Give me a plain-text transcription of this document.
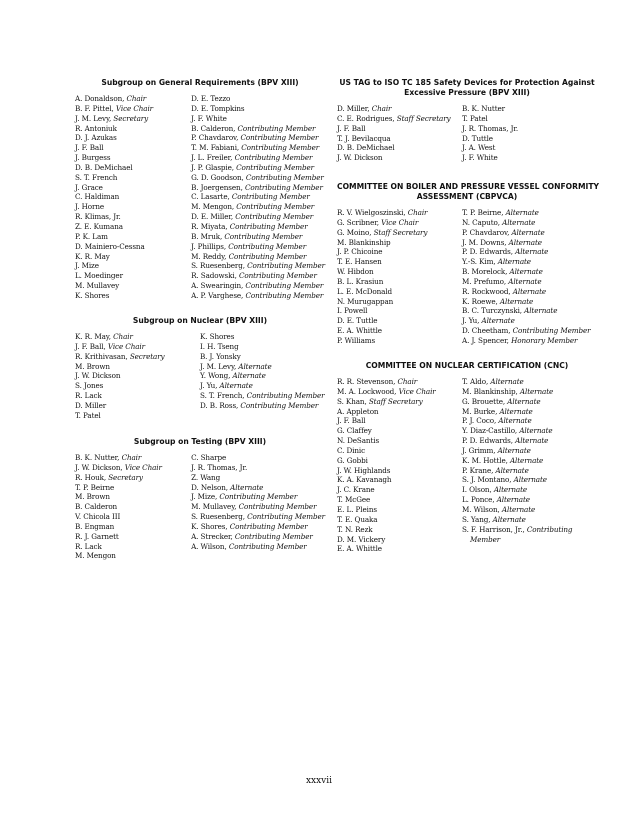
Subgroup on General Requirements (BPV XIII)
A. Donaldson, Chair
B. F. Pittel, Vice Chair
J. M. Levy, Secretary
R. Antoniuk
D. J. Azukas
J. F. Ball
J. Burgess
D. B. DeMichael
S. T. French
J. Grace
C. Haldiman
J. Horne
R. Klimas, Jr.
Z. E. Kumana
P. K. Lam
D. Mainiero-Cessna
K. R. May
J. Mize
L. Moedinger
M. Mullavey
K. Shores
D. E. Tezzo
D. E. Tompkins
J. F. White
B. Calderon, Contributing Member
P. Chavdarov, Contributing Member
T. M. Fabiani, Contributing Member
J. L. Freiler, Contributing Member
J. P. Glaspie, Contributing Member
G. D. Goodson, Contributing Member
B. Joergensen, Contributing Member
C. Lasarte, Contributing Member
M. Mengon, Contributing Member
D. E. Miller, Contributing Member
R. Miyata, Contributing Member
B. Mruk, Contributing Member
J. Phillips, Contributing Member
M. Reddy, Contributing Member
S. Ruesenberg, Contributing Member
R. Sadowski, Contributing Member
A. Swearingin, Contributing Member
A. P. Varghese, Contributing Member
Subgroup on Nuclear (BPV XIII)
K. R. May, Chair
J. F. Ball, Vice Chair
R. Krithivasan, Secretary
M. Brown
J. W. Dickson
S. Jones
R. Lack
D. Miller
T. Patel
K. Shores
I. H. Tseng
B. J. Yonsky
J. M. Levy, Alternate
Y. Wong, Alternate
J. Yu, Alternate
S. T. French, Contributing Member
D. B. Ross, Contributing Member
Subgroup on Testing (BPV XIII)
B. K. Nutter, Chair
J. W. Dickson, Vice Chair
R. Houk, Secretary
T. P. Beirne
M. Brown
B. Calderon
V. Chicola III
B. Engman
R. J. Garnett
R. Lack
M. Mengon
C. Sharpe
J. R. Thomas, Jr.
Z. Wang
D. Nelson, Alternate
J. Mize, Contributing Member
M. Mullavey, Contributing Member
S. Ruesenberg, Contributing Member
K. Shores, Contributing Member
A. Strecker, Contributing Member
A. Wilson, Contributing Member
US TAG to ISO TC 185 Safety Devices for Protection Against
Excessive Pressure (BPV XIII)
D. Miller, Chair
C. E. Rodrigues, Staff Secretary
J. F. Ball
T. J. Bevilacqua
D. B. DeMichael
J. W. Dickson
B. K. Nutter
T. Patel
J. R. Thomas, Jr.
D. Tuttle
J. A. West
J. F. White
COMMITTEE ON BOILER AND PRESSURE VESSEL CONFORMITY
ASSESSMENT (CBPVCA)
R. V. Wielgoszinski, Chair
G. Scribner, Vice Chair
G. Moino, Staff Secretary
M. Blankinship
J. P. Chicoine
T. E. Hansen
W. Hibdon
B. L. Krasiun
L. E. McDonald
N. Murugappan
I. Powell
D. E. Tuttle
E. A. Whittle
P. Williams
T. P. Beirne, Alternate
N. Caputo, Alternate
P. Chavdarov, Alternate
J. M. Downs, Alternate
P. D. Edwards, Alternate
Y.-S. Kim, Alternate
B. Morelock, Alternate
M. Prefumo, Alternate
R. Rockwood, Alternate
K. Roewe, Alternate
B. C. Turczynski, Alternate
J. Yu, Alternate
D. Cheetham, Contributing Member
A. J. Spencer, Honorary Member
COMMITTEE ON NUCLEAR CERTIFICATION (CNC)
R. R. Stevenson, Chair
M. A. Lockwood, Vice Chair
S. Khan, Staff Secretary
A. Appleton
J. F. Ball
G. Claffey
N. DeSantis
C. Dinic
G. Gobbi
J. W. Highlands
K. A. Kavanagh
J. C. Krane
T. McGee
E. L. Pleins
T. E. Quaka
T. N. Rezk
D. M. Vickery
E. A. Whittle
T. Aldo, Alternate
M. Blankinship, Alternate
G. Brouette, Alternate
M. Burke, Alternate
P. J. Coco, Alternate
Y. Diaz-Castillo, Alternate
P. D. Edwards, Alternate
J. Grimm, Alternate
K. M. Hottle, Alternate
P. Krane, Alternate
S. J. Montano, Alternate
I. Olson, Alternate
L. Ponce, Alternate
M. Wilson, Alternate
S. Yang, Alternate
S. F. Harrison, Jr., Contributing
Member
xxxvii
